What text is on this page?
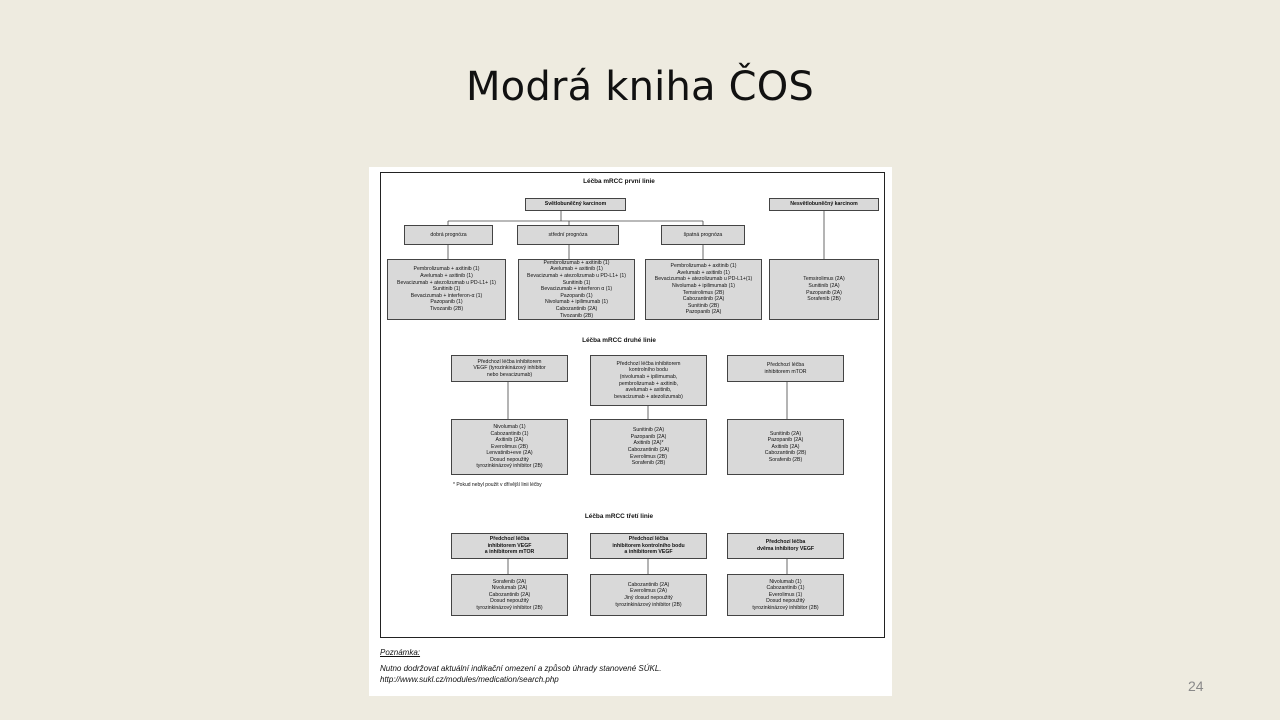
Modrá kniha ČOS
Léčba mRCC první linie
Světlobuněčný karcinom	Nesvětlobuněčný karcinom
dobrá prognóza	střední prognóza	špatná prognóza
Pembrolizumab + axitinib (1)
Avelumab + axitinib (1)
Bevacizumab + atezolizumab u PD-L1+ (1)
Sunitinib (1)
Bevacizumab + interferon-α (1)
Pazopanib (1)
Tivozanib (2B)
Pembrolizumab + axitinib (1)
Avelumab + axitinib (1)
Bevacizumab + atezolizumab u PD-L1+ (1)
Sunitinib (1)
Bevacizumab + interferon α (1)
Pazopanib (1)
Nivolumab + ipilimumab (1)
Cabozantinib (2A)
Tivozanib (2B)
Pembrolizumab + axitinib (1)
Avelumab + axitinib (1)
Bevacizumab + atezolizumab u PD-L1+(1)
Nivolumab + ipilimumab (1)
Temsirolimus (2B)
Cabozantinib (2A)
Sunitinib (2B)
Pazopanib (2A)
Temsirolimus (2A)
Sunitinib (2A)
Pazopanib (2A)
Sorafenib (2B)
Léčba mRCC druhé linie
Předchozí léčba inhibitorem
VEGF (tyrozinkinázový inhibitor
nebo bevacizumab)
Předchozí léčba inhibitorem
kontrolního bodu
(nivolumab + ipilimumab,
pembrolizumab + axitinib,
avelumab + axitinib,
bevacizumab + atezolizumab)
Předchozí léčba
inhibitorem mTOR
Nivolumab (1)
Cabozantinib (1)
Axitinib (2A)
Everolimus (2B)
Lenvatinib+eve (2A)
Dosud nepoužitý
tyrozinkinázový inhibitor (2B)
Sunitinib (2A)
Pazopanib (2A)
Axitinib (2A)*
Cabozantinib (2A)
Everolimus (2B)
Sorafenib (2B)
Sunitinib (2A)
Pazopanib (2A)
Axitinib (2A)
Cabozantinib (2B)
Sorafenib (2B)
* Pokud nebyl použit v dřívější linii léčby
Léčba mRCC třetí linie
Předchozí léčba
inhibitorem VEGF
a inhibitorem mTOR
Předchozí léčba
inhibitorem kontrolního bodu
a inhibitorem VEGF
Předchozí léčba
dvěma inhibitory VEGF
Sorafenib (2A)
Nivolumab (2A)
Cabozantinib (2A)
Dosud nepoužitý
tyrozinkinázový inhibitor (2B)
Cabozantinib (2A)
Everolimus (2A)
Jiný dosud nepoužitý
tyrozinkinázový inhibitor (2B)
Nivolumab (1)
Cabozantinib (1)
Everolimus (1)
Dosud nepoužitý
tyrozinkinázový inhibitor (2B)
Poznámka:
Nutno dodržovat aktuální indikační omezení a způsob úhrady stanovené SÚKL.
http://www.sukl.cz/modules/medication/search.php	24
